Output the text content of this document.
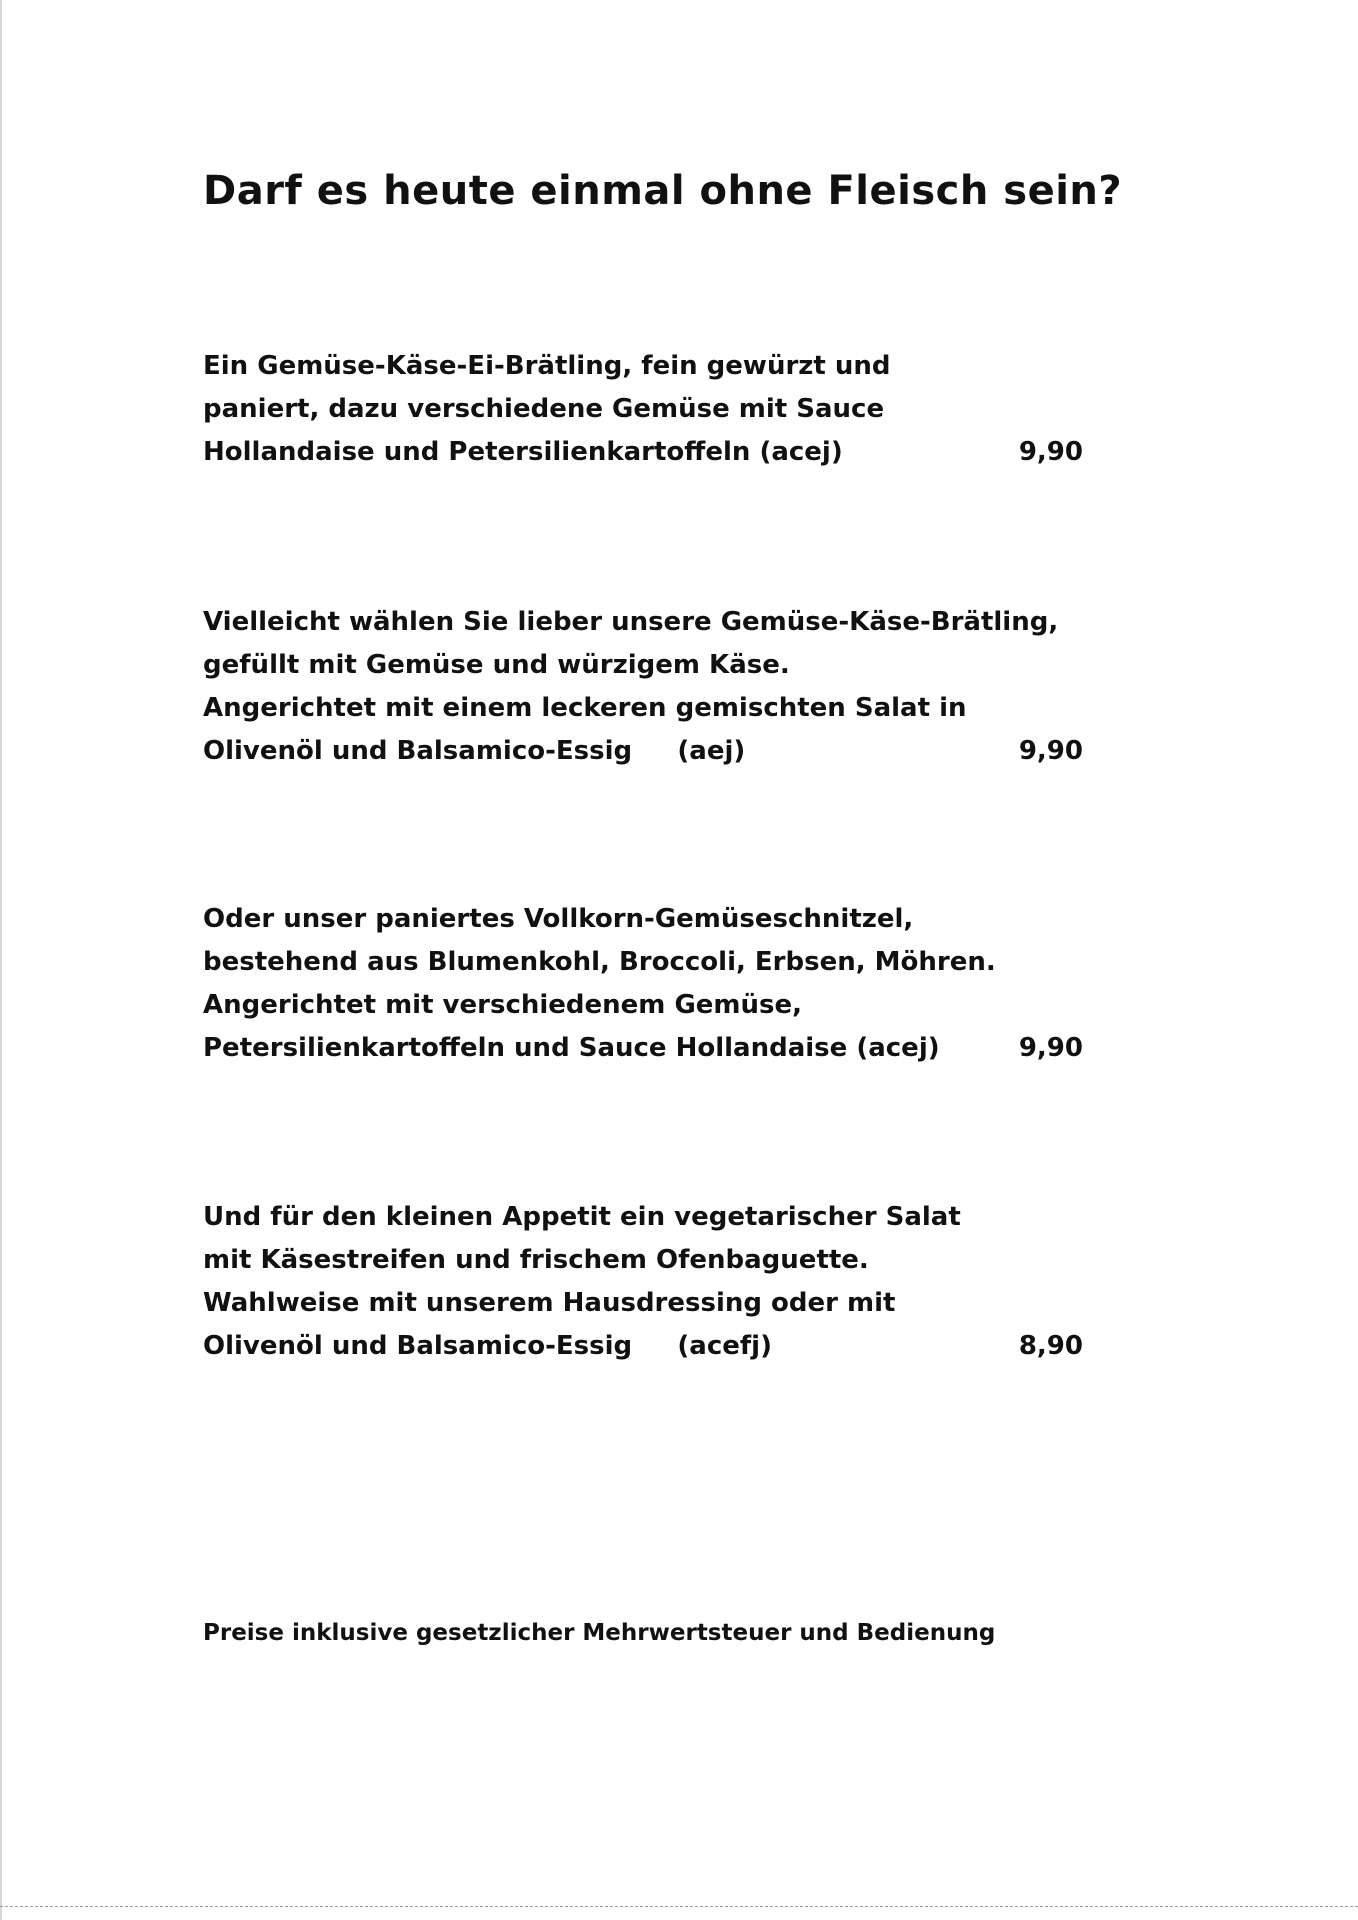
Darf es heute einmal ohne Fleisch sein?
Ein Gemüse-Käse-Ei-Brätling, fein gewürzt und
paniert, dazu verschiedene Gemüse mit Sauce
Hollandaise und Petersilienkartoffeln (acej)	9,90
Vielleicht wählen Sie lieber unsere Gemüse-Käse-Brätling,
gefüllt mit Gemüse und würzigem Käse.
Angerichtet mit einem leckeren gemischten Salat in
Olivenöl und Balsamico-Essig     (aej)	9,90
Oder unser paniertes Vollkorn-Gemüseschnitzel,
bestehend aus Blumenkohl, Broccoli, Erbsen, Möhren.
Angerichtet mit verschiedenem Gemüse,
Petersilienkartoffeln und Sauce Hollandaise (acej)	9,90
Und für den kleinen Appetit ein vegetarischer Salat
mit Käsestreifen und frischem Ofenbaguette.
Wahlweise mit unserem Hausdressing oder mit
Olivenöl und Balsamico-Essig     (acefj)	8,90
Preise inklusive gesetzlicher Mehrwertsteuer und Bedienung
